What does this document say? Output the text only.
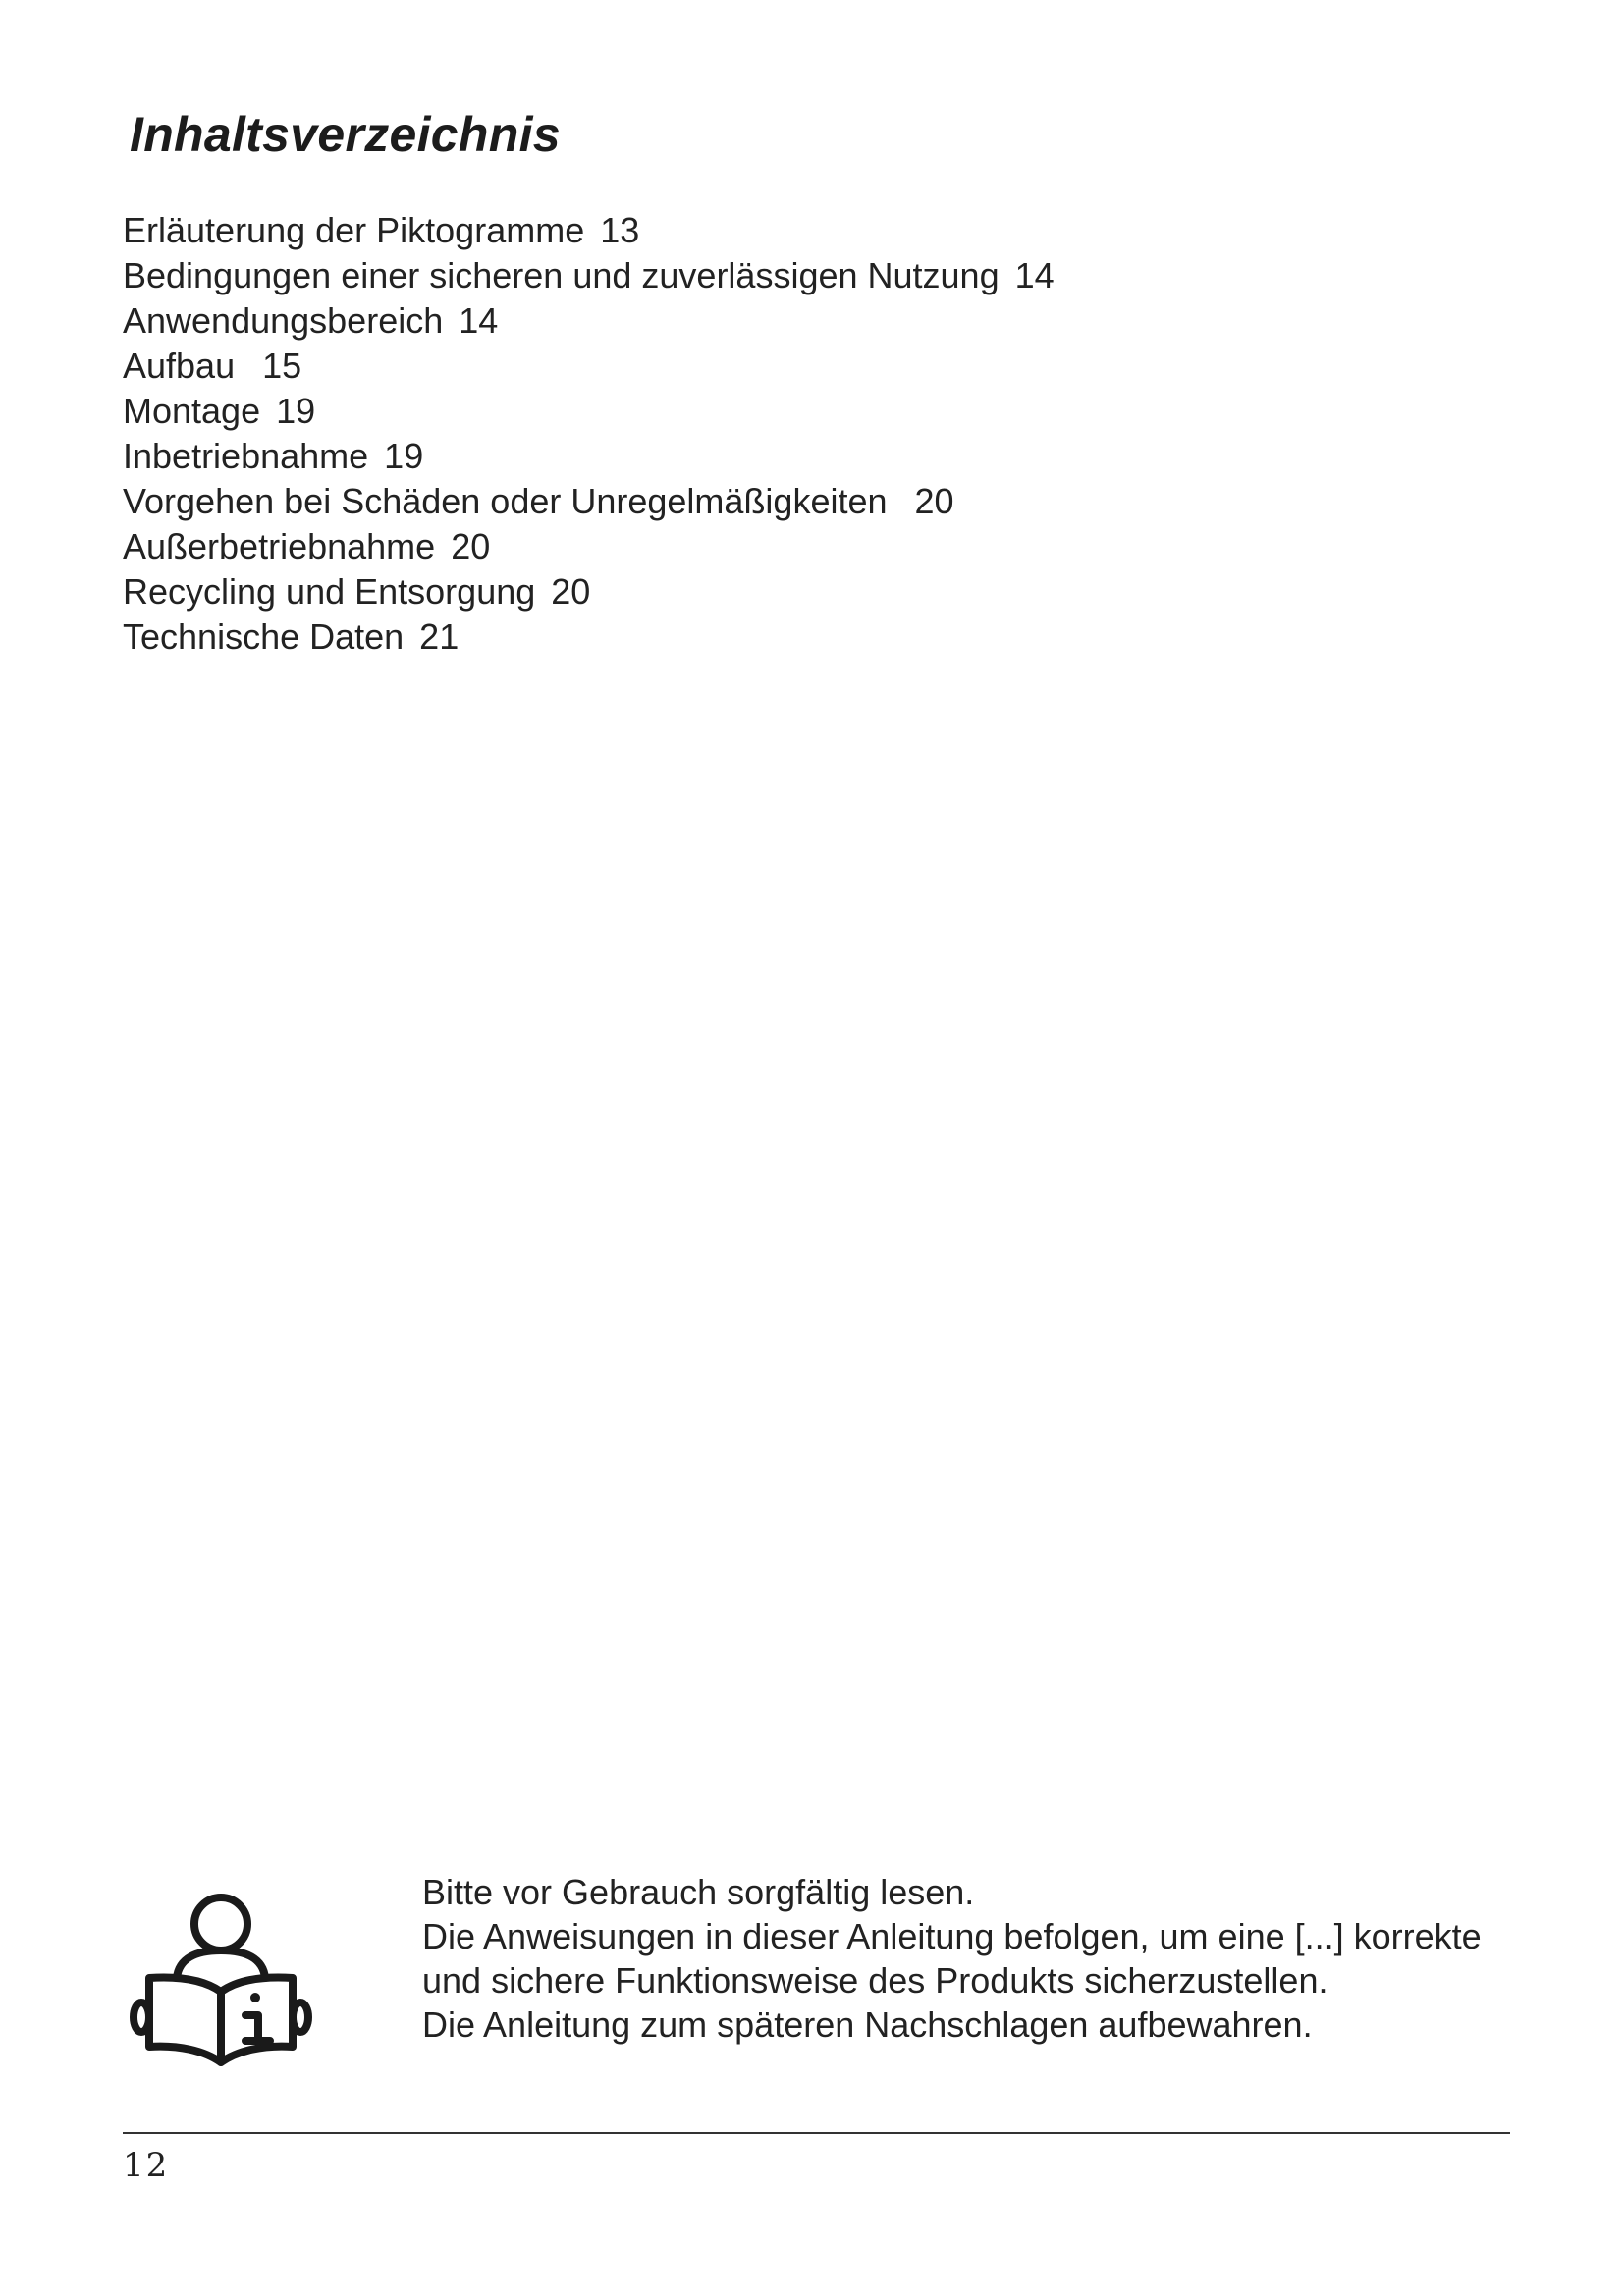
Inhaltsverzeichnis
Erläuterung der Piktogramme 13
Bedingungen einer sicheren und zuverlässigen Nutzung 14
Anwendungsbereich 14
Aufbau 15
Montage 19
Inbetriebnahme 19
Vorgehen bei Schäden oder Unregelmäßigkeiten 20
Außerbetriebnahme 20
Recycling und Entsorgung 20
Technische Daten 21
Bitte vor Gebrauch sorgfältig lesen.
Die Anweisungen in dieser Anleitung befolgen, um eine [...] korrekte
und sichere Funktionsweise des Produkts sicherzustellen.
Die Anleitung zum späteren Nachschlagen aufbewahren.
12
